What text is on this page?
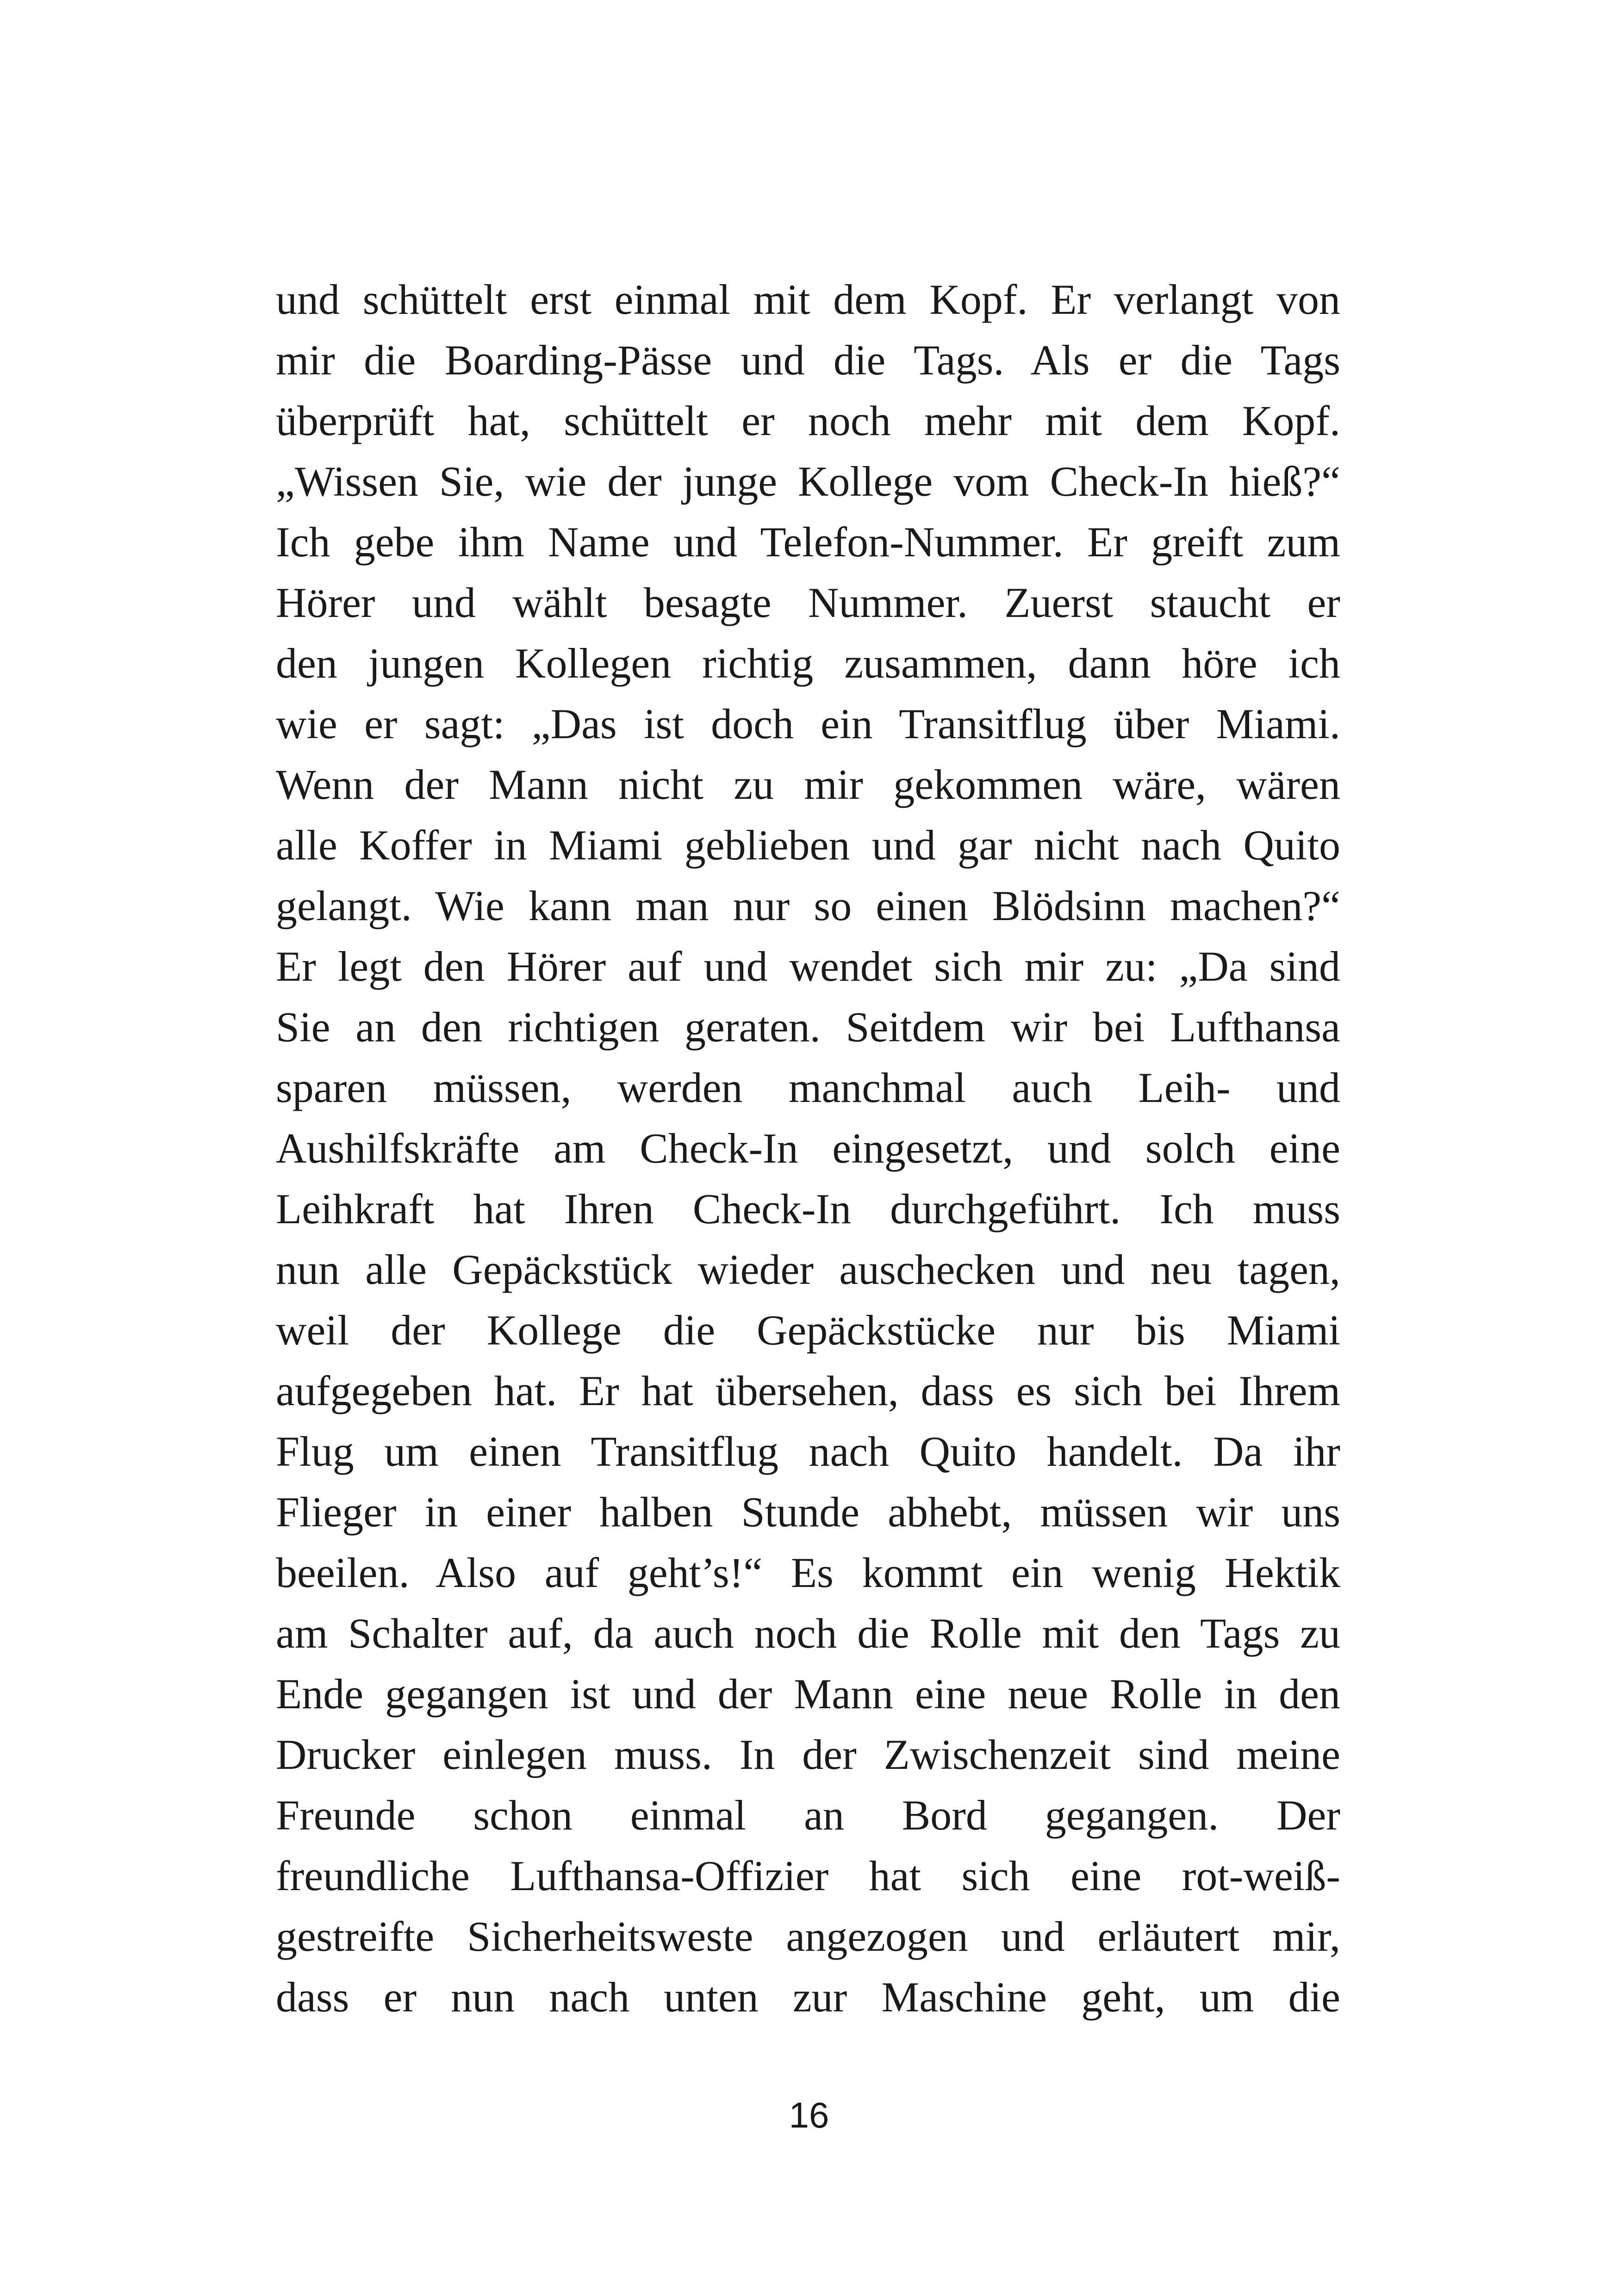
und schüttelt erst einmal mit dem Kopf. Er verlangt von
mir die Boarding-Pässe und die Tags. Als er die Tags
überprüft hat, schüttelt er noch mehr mit dem Kopf.
„Wissen Sie, wie der junge Kollege vom Check-In hieß?“
Ich gebe ihm Name und Telefon-Nummer. Er greift zum
Hörer und wählt besagte Nummer. Zuerst staucht er
den jungen Kollegen richtig zusammen, dann höre ich
wie er sagt: „Das ist doch ein Transitflug über Miami.
Wenn der Mann nicht zu mir gekommen wäre, wären
alle Koffer in Miami geblieben und gar nicht nach Quito
gelangt. Wie kann man nur so einen Blödsinn machen?“
Er legt den Hörer auf und wendet sich mir zu: „Da sind
Sie an den richtigen geraten. Seitdem wir bei Lufthansa
sparen müssen, werden manchmal auch Leih- und
Aushilfskräfte am Check-In eingesetzt, und solch eine
Leihkraft hat Ihren Check-In durchgeführt. Ich muss
nun alle Gepäckstück wieder auschecken und neu tagen,
weil der Kollege die Gepäckstücke nur bis Miami
aufgegeben hat. Er hat übersehen, dass es sich bei Ihrem
Flug um einen Transitflug nach Quito handelt. Da ihr
Flieger in einer halben Stunde abhebt, müssen wir uns
beeilen. Also auf geht’s!“ Es kommt ein wenig Hektik
am Schalter auf, da auch noch die Rolle mit den Tags zu
Ende gegangen ist und der Mann eine neue Rolle in den
Drucker einlegen muss. In der Zwischenzeit sind meine
Freunde schon einmal an Bord gegangen. Der
freundliche Lufthansa-Offizier hat sich eine rot-weiß-
gestreifte Sicherheitsweste angezogen und erläutert mir,
dass er nun nach unten zur Maschine geht, um die
16
